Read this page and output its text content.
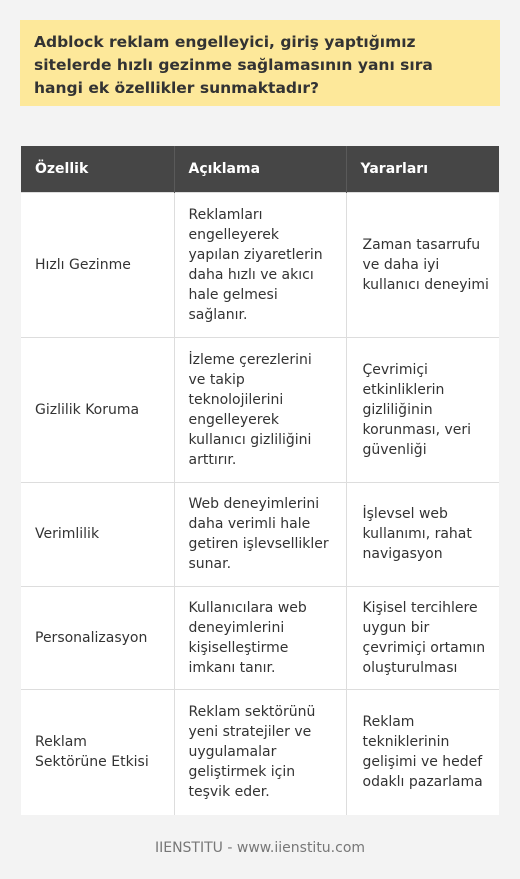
Adblock reklam engelleyici, giriş yaptığımız sitelerde hızlı gezinme sağlamasının yanı sıra hangi ek özellikler sunmaktadır?
Özellik	Açıklama	Yararları
Hızlı Gezinme	Reklamları engelleyerek yapılan ziyaretlerin daha hızlı ve akıcı hale gelmesi sağlanır.	Zaman tasarrufu ve daha iyi kullanıcı deneyimi
Gizlilik Koruma	İzleme çerezlerini ve takip teknolojilerini engelleyerek kullanıcı gizliliğini arttırır.	Çevrimiçi etkinliklerin gizliliğinin korunması, veri güvenliği
Verimlilik	Web deneyimlerini daha verimli hale getiren işlevsellikler sunar.	İşlevsel web kullanımı, rahat navigasyon
Personalizasyon	Kullanıcılara web deneyimlerini kişiselleştirme imkanı tanır.	Kişisel tercihlere uygun bir çevrimiçi ortamın oluşturulması
Reklam Sektörüne Etkisi	Reklam sektörünü yeni stratejiler ve uygulamalar geliştirmek için teşvik eder.	Reklam tekniklerinin gelişimi ve hedef odaklı pazarlama
IIENSTITU - www.iienstitu.com
